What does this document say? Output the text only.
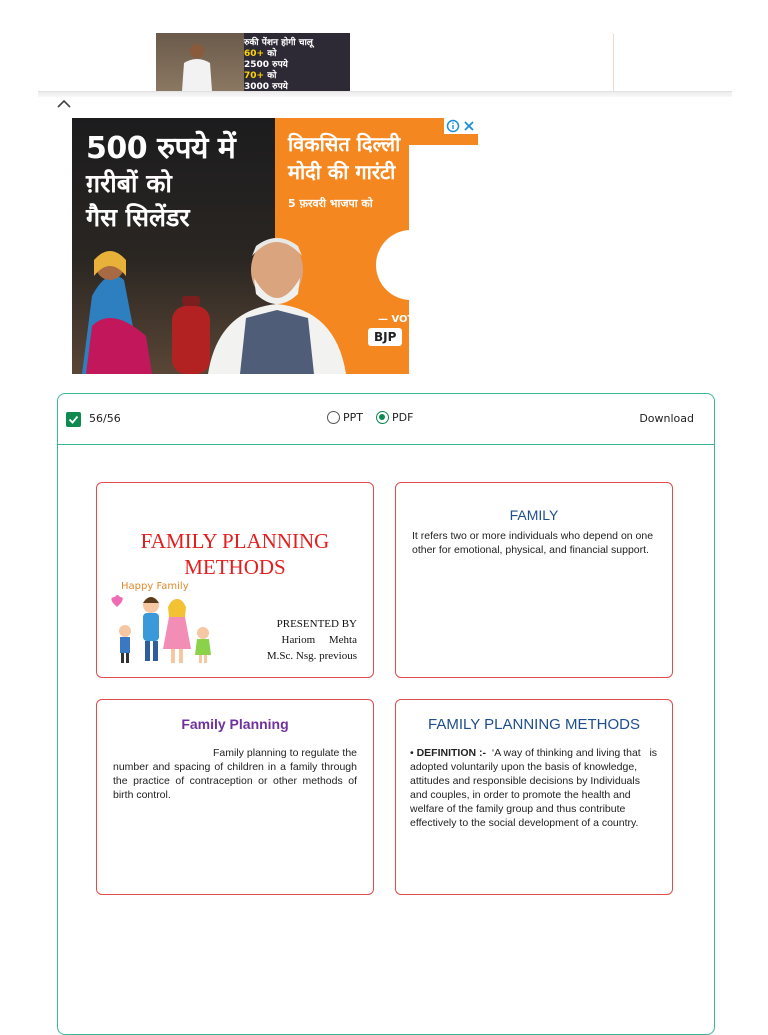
रुकी पेंशन होगी चालू
60+ को
2500 रुपये
70+ को
3000 रुपये
500 रुपये में
ग़रीबों को
गैस सिलेंडर
विकसित दिल्ली
मोदी की गारंटी
5 फ़रवरी भाजपा को
— VOTE
BJP
56/56	PPT	PDF	Download
FAMILY PLANNING
METHODS
Happy Family
PRESENTED BY
Hariom     Mehta
M.Sc. Nsg. previous
FAMILY
It refers two or more individuals who depend on one other for emotional, physical, and financial support.
Family Planning
Family planning to regulate the number and spacing of children in a family through the practice of contraception or other methods of birth control.
FAMILY PLANNING METHODS
• DEFINITION :- ‘A way of thinking and living that   is adopted voluntarily upon the basis of knowledge, attitudes and responsible decisions by Individuals  and couples, in order to promote the health and welfare of the family group and thus contribute effectively to the social development of a country.
